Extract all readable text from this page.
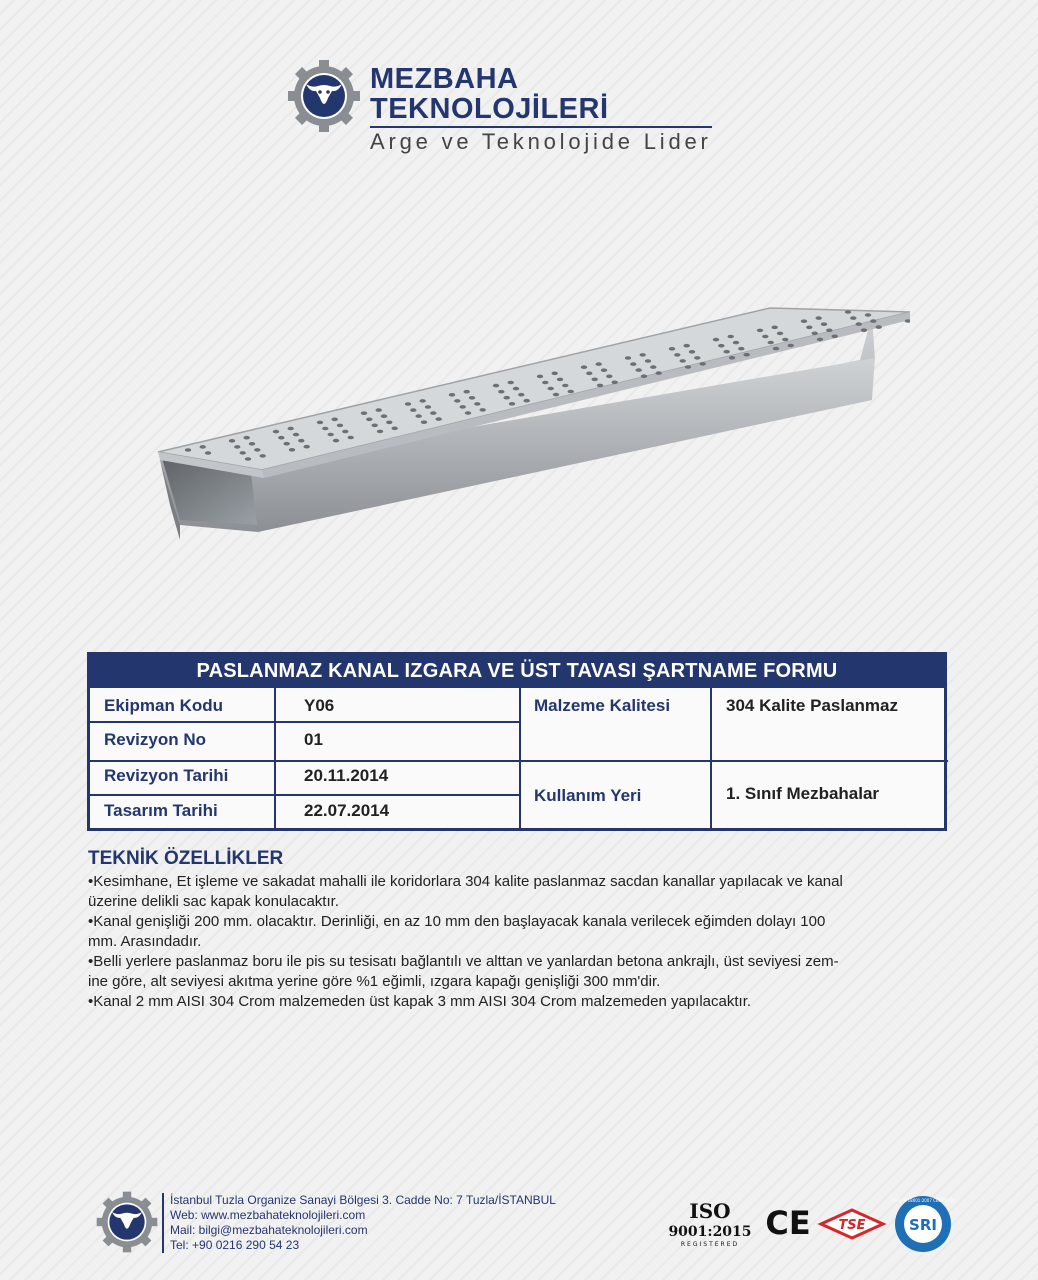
MEZBAHA TEKNOLOJİLERİ
Arge ve Teknolojide Lider
PASLANMAZ KANAL IZGARA VE ÜST TAVASI ŞARTNAME FORMU
Ekipman Kodu	Y06
Revizyon No	01
Revizyon Tarihi	20.11.2014
Tasarım Tarihi	22.07.2014
Malzeme Kalitesi	304 Kalite Paslanmaz
Kullanım Yeri	1. Sınıf Mezbahalar
TEKNİK ÖZELLİKLER

•Kesimhane, Et işleme ve sakadat mahalli ile koridorlara 304 kalite paslanmaz sacdan kanallar yapılacak ve kanal

üzerine delikli sac kapak konulacaktır.

•Kanal genişliği 200 mm. olacaktır. Derinliği, en az 10 mm den başlayacak kanala verilecek eğimden dolayı 100

mm. Arasındadır.

•Belli yerlere paslanmaz boru ile pis su tesisatı bağlantılı ve alttan ve yanlardan betona ankrajlı, üst seviyesi zem-

ine göre, alt seviyesi akıtma yerine göre %1 eğimli, ızgara kapağı genişliği 300 mm'dir.

•Kanal 2 mm AISI 304 Crom malzemeden üst kapak 3 mm AISI 304 Crom malzemeden yapılacaktır.

İstanbul Tuzla Organize Sanayi Bölgesi 3. Cadde No: 7 Tuzla/İSTANBUL
Web: www.mezbahateknolojileri.com
Mail: bilgi@mezbahateknolojileri.com
Tel: +90 0216 290 54 23
ISO
9001:2015
REGISTERED
CE TSE	SRI
OHSAS 18001:2007 CERTIFIED
